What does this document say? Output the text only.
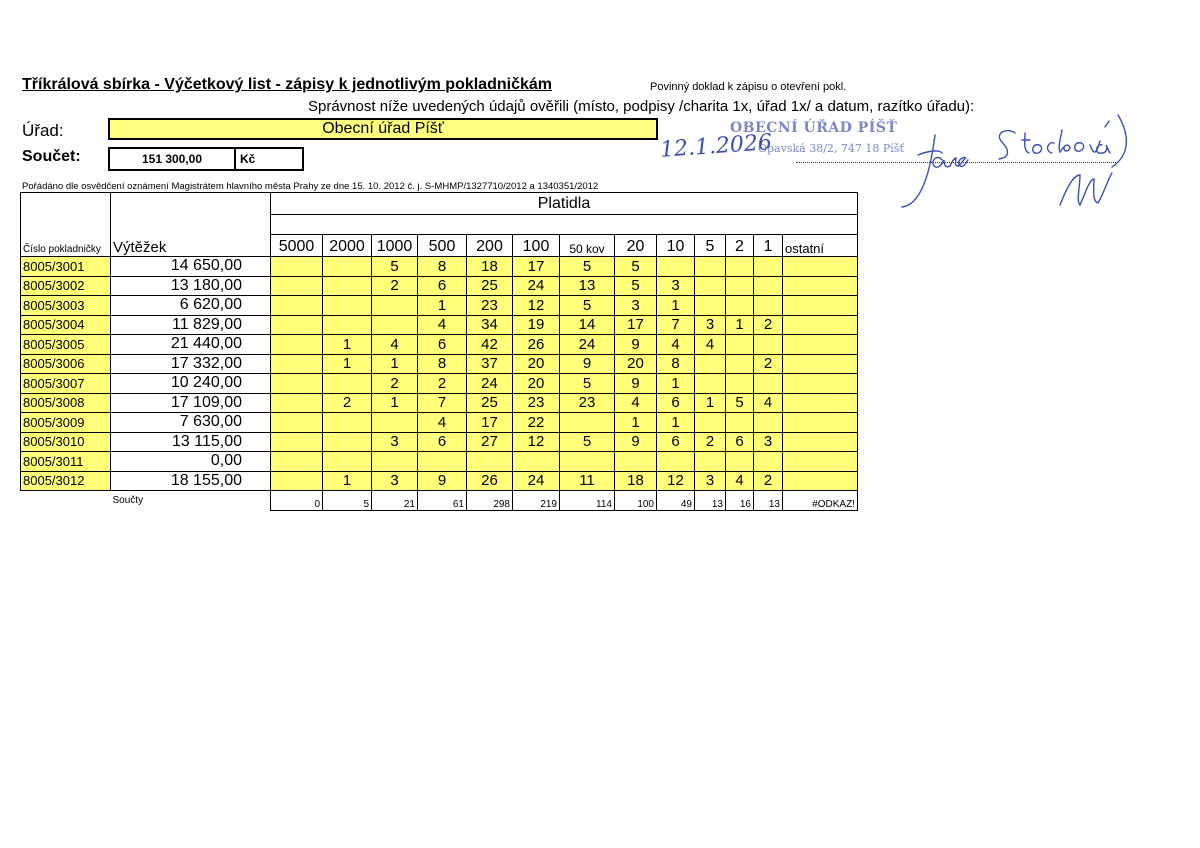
Tříkrálová sbírka - Výčetkový list - zápisy k jednotlivým pokladničkám	Povinný doklad k zápisu o otevření pokl.
Správnost níže uvedených údajů ověřili (místo, podpisy /charita 1x, úřad 1x/ a datum, razítko úřadu):
Úřad:	Obecní úřad Píšť
Součet:	151 300,00	Kč
Pořádáno dle osvědčení oznámení Magistrátem hlavního města Prahy ze dne 15. 10. 2012 č. j. S-MHMP/1327710/2012 a 1340351/2012
OBECNÍ ÚŘAD PÍŠŤ
Opavská 38/2, 747 18 Píšť
12.1.2026
Číslo pokladničky	Výtěžek	Platidla												

		5000	2000	1000	500	200	100	50 kov	20	10	5	2	1	ostatní
8005/3001	14 650,00			5	8	18	17	5	5					
8005/3002	13 180,00			2	6	25	24	13	5	3				
8005/3003	6 620,00				1	23	12	5	3	1				
8005/3004	11 829,00				4	34	19	14	17	7	3	1	2	
8005/3005	21 440,00		1	4	6	42	26	24	9	4	4			
8005/3006	17 332,00		1	1	8	37	20	9	20	8			2	
8005/3007	10 240,00			2	2	24	20	5	9	1				
8005/3008	17 109,00		2	1	7	25	23	23	4	6	1	5	4	
8005/3009	7 630,00				4	17	22		1	1				
8005/3010	13 115,00			3	6	27	12	5	9	6	2	6	3	
8005/3011	0,00													
8005/3012	18 155,00		1	3	9	26	24	11	18	12	3	4	2	
	Součty	0	5	21	61	298	219	114	100	49	13	16	13	#ODKAZ!
